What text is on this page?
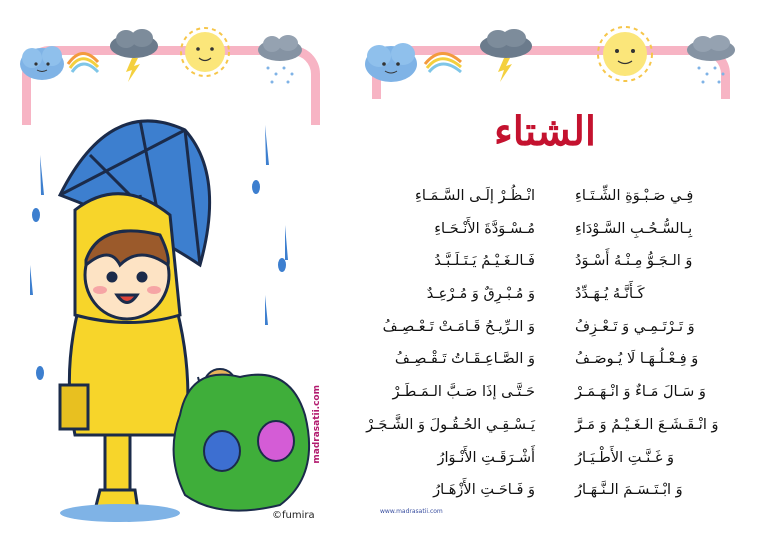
madrasatii.com
©fumira
الشتاء
انْـظُـرْ إلَـى السَّـمَـاءِ
مُـسْـوَدَّةَ الأَنْـحَـاءِ
فَـالـغَـيْـمُ يَـتَـلَـبَّـدُ
وَ مُـبْـرِقٌ وَ مُـرْعِـدٌ
وَ الـرِّيـحُ قَـامَـتْ تَـعْـصِـفُ
وَ الصَّـاعِـقَـاتُ تَـقْـصِـفُ
حَـتَّـى إذَا صَـبَّ الـمَـطَـرْ
يَـسْـقِـي الحُـقُـولَ وَ الشَّـجَـرْ
أَشْـرَقَـتِ الأَنْـوَارُ
وَ فَـاحَـتِ الأَزْهَـارُ
فِـي صَـبْـوَةِ الشِّـتَـاءِ
بِـالسُّـحُـبِ السَّـوْدَاءِ
وَ الـجَـوُّ مِـنْـهُ أَسْـوَدُ
كَـأَنَّـهُ يُـهَـدِّدُ
وَ تَـرْتَـمِـي وَ تَـعْـزِفُ
وَ فِـعْـلُـهَـا لَا يُـوصَـفُ
وَ سَـالَ مَـاءٌ وَ انْـهَـمَـرْ
وَ انْـقَـشَـعَ الـغَـيْـمُ وَ مَـرَّ
وَ غَـنَّـتِ الأَطْـيَـارُ
وَ ابْـتَـسَـمَ الـنَّـهَـارُ
www.madrasatii.com
